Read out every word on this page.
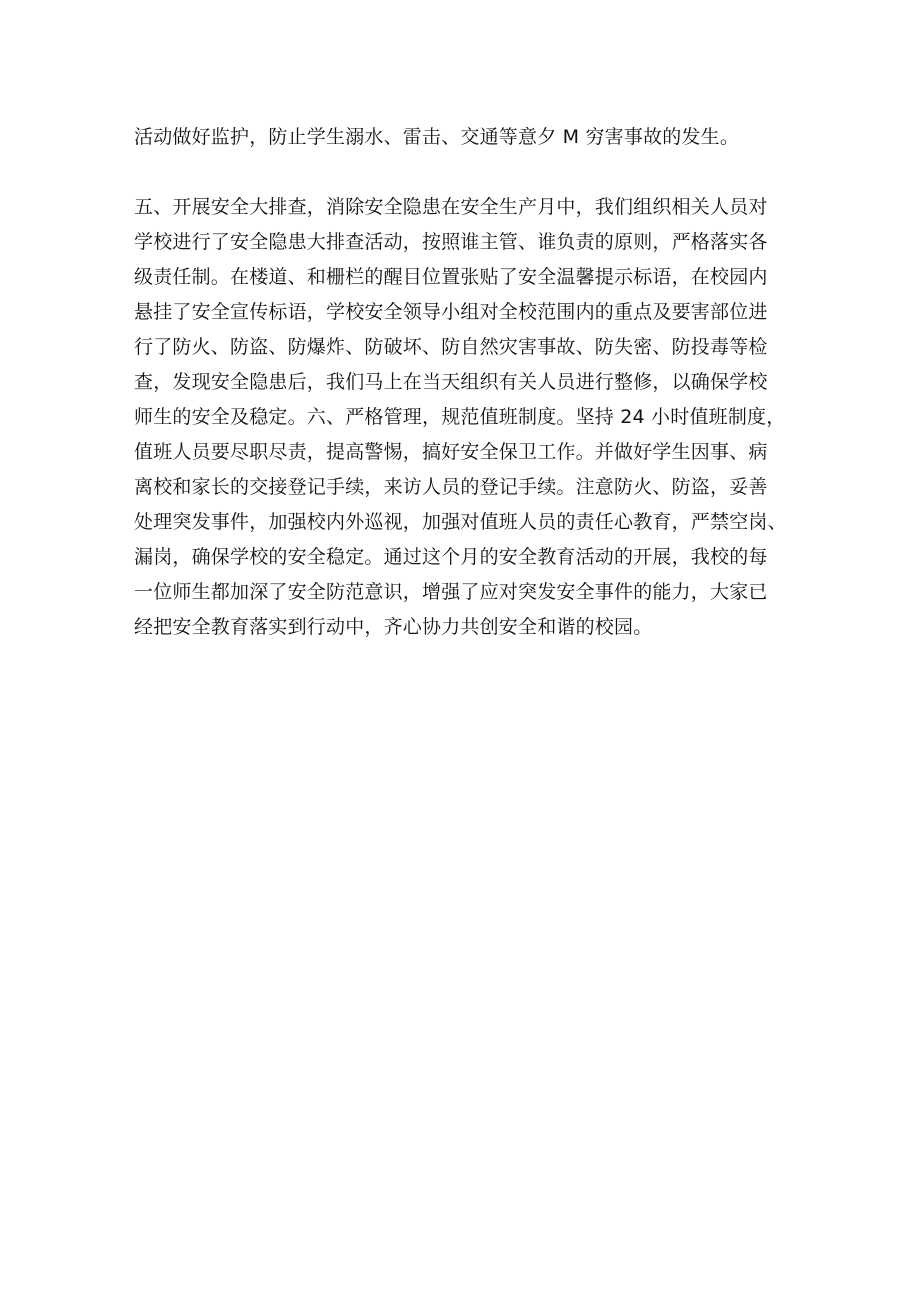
活动做好监护，防止学生溺水、雷击、交通等意夕 M 穷害事故的发生。
五、开展安全大排查，消除安全隐患在安全生产月中，我们组织相关人员对
学校进行了安全隐患大排查活动，按照谁主管、谁负责的原则，严格落实各
级责任制。在楼道、和栅栏的醒目位置张贴了安全温馨提示标语，在校园内
悬挂了安全宣传标语，学校安全领导小组对全校范围内的重点及要害部位进
行了防火、防盗、防爆炸、防破坏、防自然灾害事故、防失密、防投毒等检
查，发现安全隐患后，我们马上在当天组织有关人员进行整修，以确保学校
师生的安全及稳定。六、严格管理，规范值班制度。坚持 24 小时值班制度，
值班人员要尽职尽责，提高警惕，搞好安全保卫工作。并做好学生因事、病
离校和家长的交接登记手续，来访人员的登记手续。注意防火、防盗，妥善
处理突发事件，加强校内外巡视，加强对值班人员的责任心教育，严禁空岗、
漏岗，确保学校的安全稳定。通过这个月的安全教育活动的开展，我校的每
一位师生都加深了安全防范意识，增强了应对突发安全事件的能力，大家已
经把安全教育落实到行动中，齐心协力共创安全和谐的校园。
